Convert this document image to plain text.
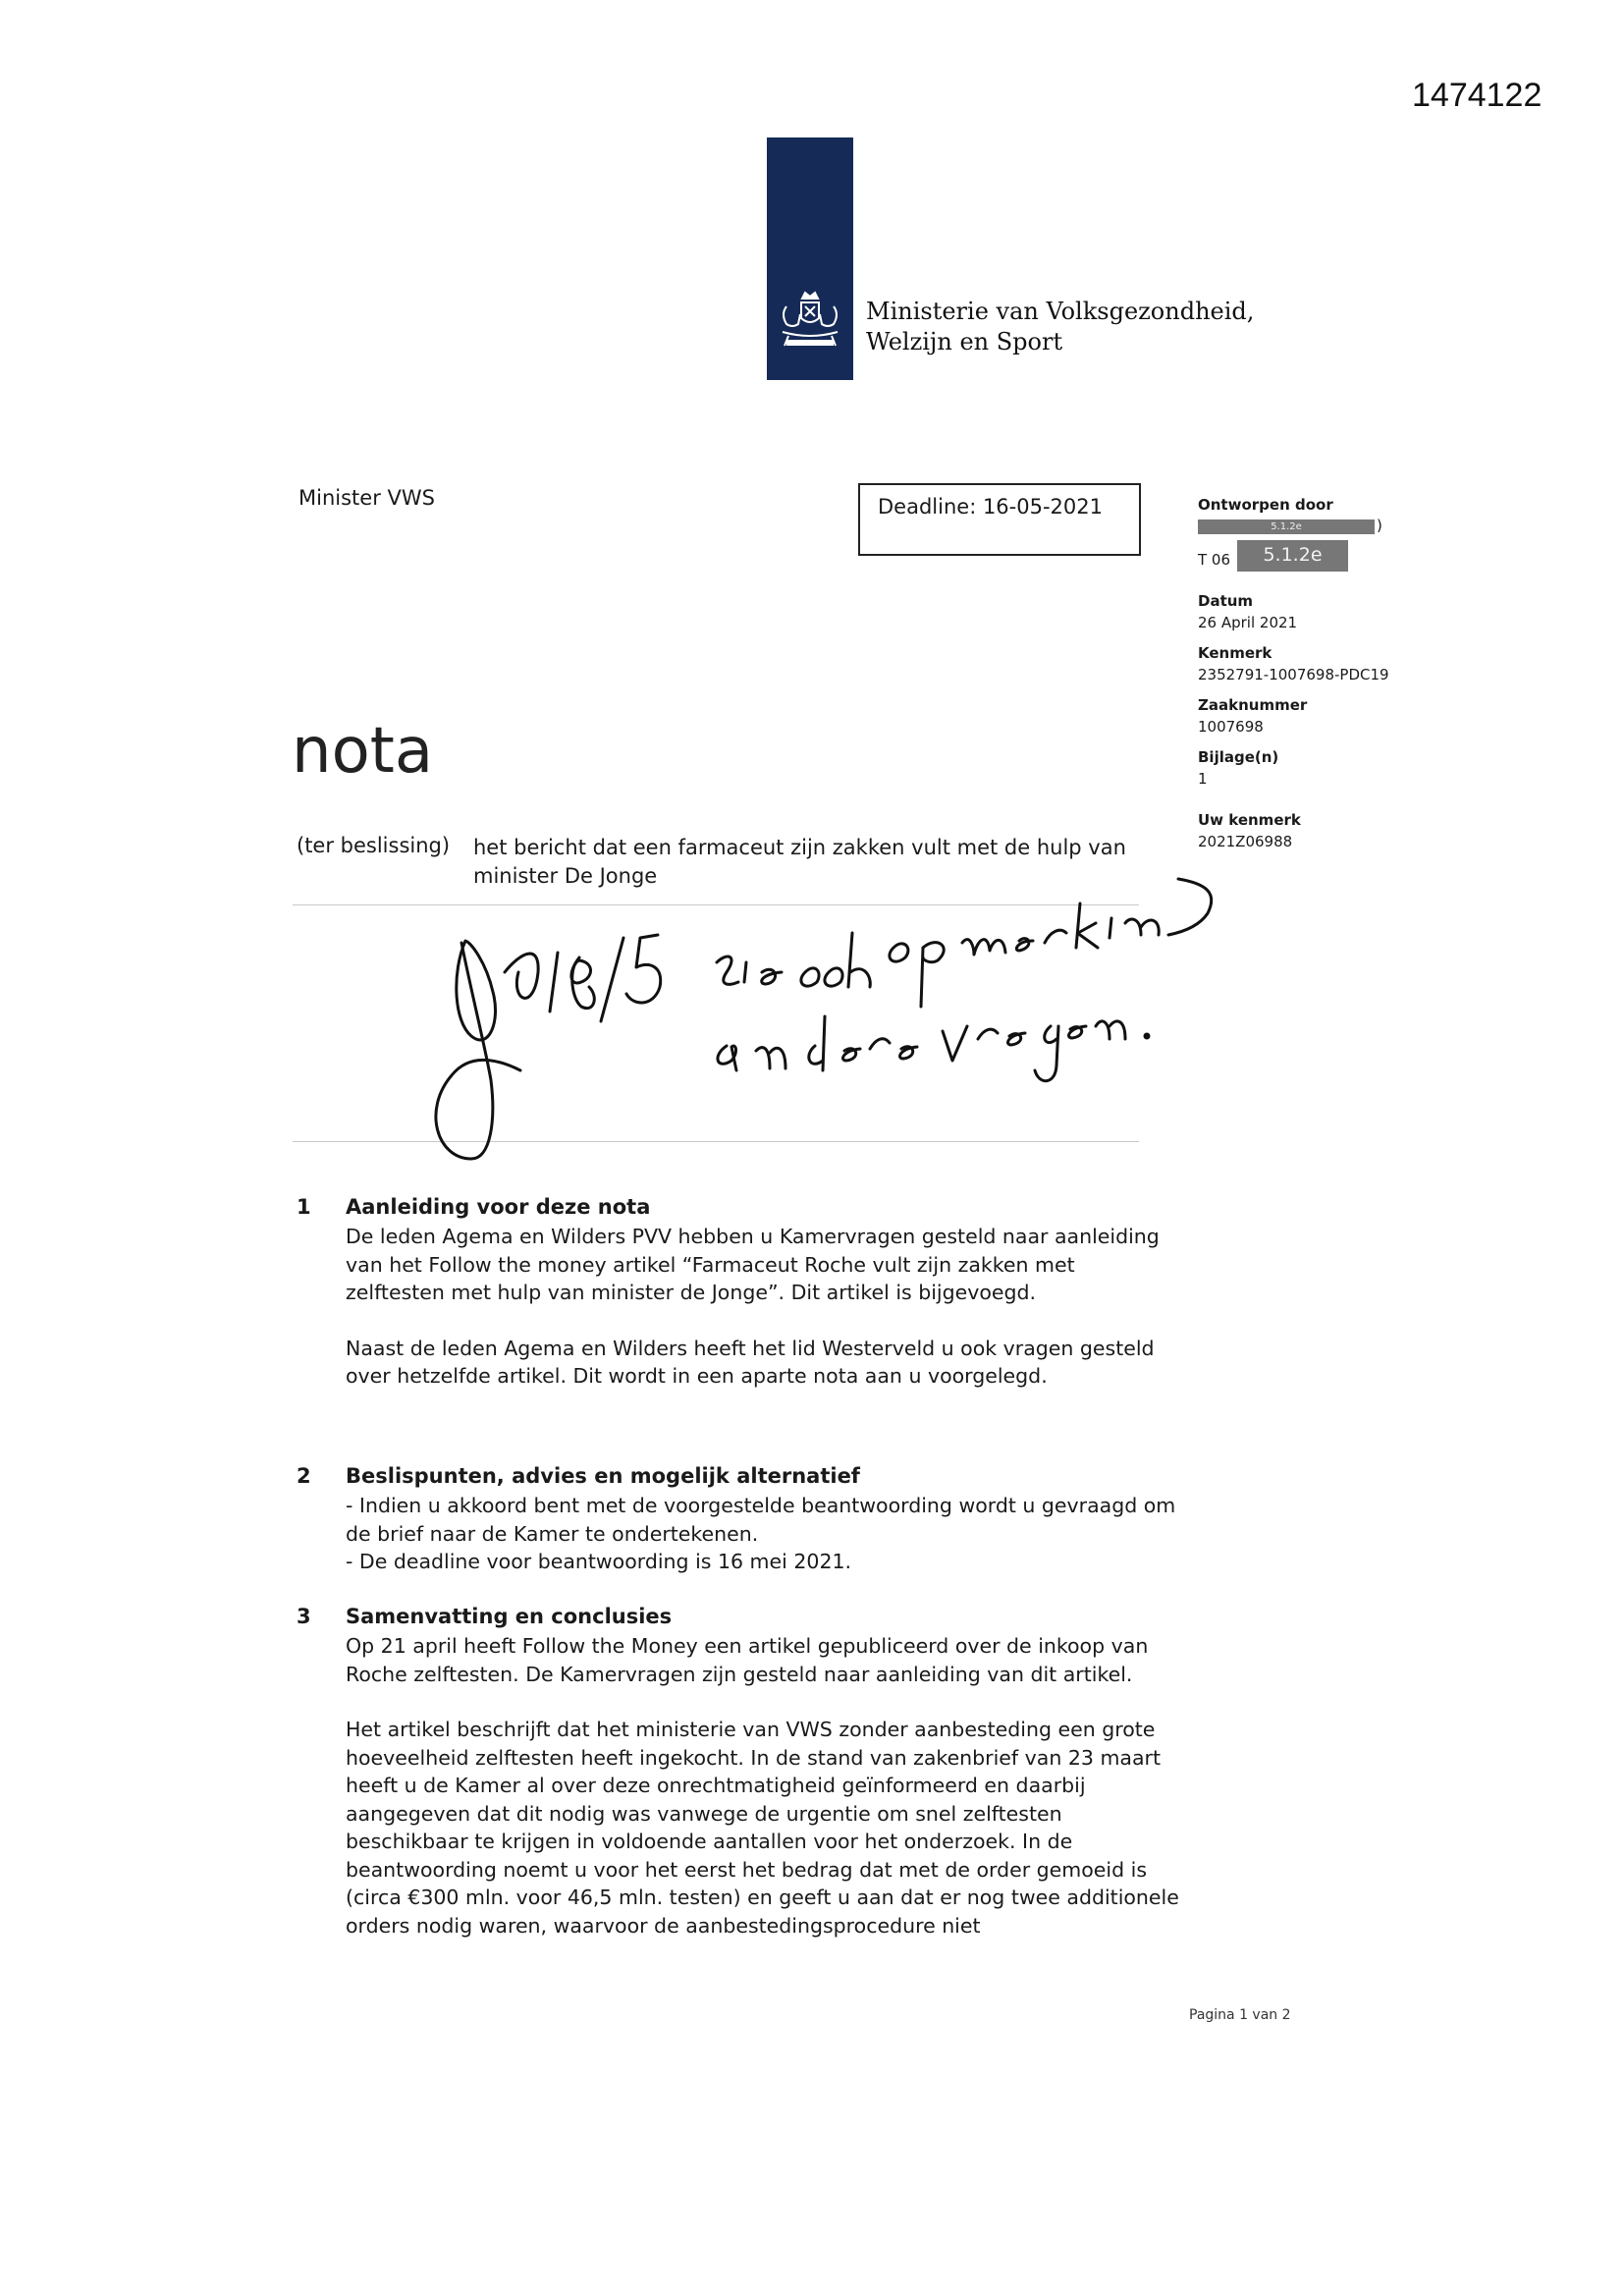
1474122
Ministerie van Volksgezondheid,
Welzijn en Sport
Minister VWS	Deadline: 16-05-2021	Ontworpen door
5.1.2e	)
T 06	5.1.2e
Datum
26 April 2021
Kenmerk
2352791-1007698-PDC19
Zaaknummer
1007698
Bijlage(n)
1
Uw kenmerk
2021Z06988
nota
(ter beslissing) het bericht dat een farmaceut zijn zakken vult met de hulp van
minister De Jonge
1 Aanleiding voor deze nota

De leden Agema en Wilders PVV hebben u Kamervragen gesteld naar aanleiding van het Follow the money artikel “Farmaceut Roche vult zijn zakken met zelftesten met hulp van minister de Jonge”. Dit artikel is bijgevoegd.

Naast de leden Agema en Wilders heeft het lid Westerveld u ook vragen gesteld over hetzelfde artikel. Dit wordt in een aparte nota aan u voorgelegd.

2 Beslispunten, advies en mogelijk alternatief

- Indien u akkoord bent met de voorgestelde beantwoording wordt u gevraagd om de brief naar de Kamer te ondertekenen.
- De deadline voor beantwoording is 16 mei 2021.

3 Samenvatting en conclusies

Op 21 april heeft Follow the Money een artikel gepubliceerd over de inkoop van Roche zelftesten. De Kamervragen zijn gesteld naar aanleiding van dit artikel.

Het artikel beschrijft dat het ministerie van VWS zonder aanbesteding een grote hoeveelheid zelftesten heeft ingekocht. In de stand van zakenbrief van 23 maart heeft u de Kamer al over deze onrechtmatigheid geïnformeerd en daarbij aangegeven dat dit nodig was vanwege de urgentie om snel zelftesten beschikbaar te krijgen in voldoende aantallen voor het onderzoek. In de beantwoording noemt u voor het eerst het bedrag dat met de order gemoeid is (circa €300 mln. voor 46,5 mln. testen) en geeft u aan dat er nog twee additionele orders nodig waren, waarvoor de aanbestedingsprocedure niet

Pagina 1 van 2
